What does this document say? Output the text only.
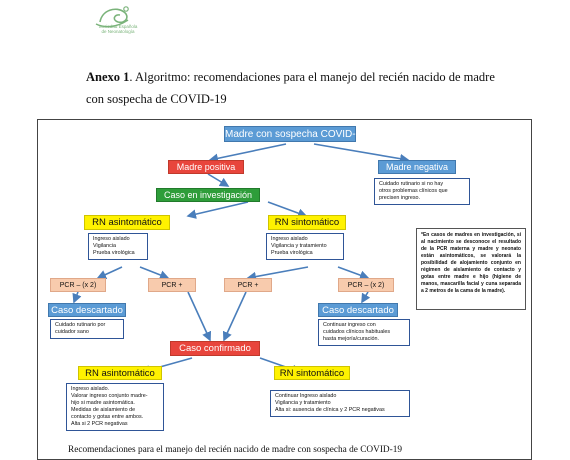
Sociedad Española
de Neonatología
Anexo 1. Algoritmo: recomendaciones para el manejo del recién nacido de madre
con sospecha de COVID-19
Madre con sospecha COVID-19*
Madre positiva	Madre negativa
Cuidado rutinario si no hay
otros problemas clínicos que
precisen ingreso.
Caso en investigación
RN asintomático
Ingreso aislado
Vigilancia
Prueba virológica
RN sintomático
Ingreso aislado
Vigilancia y tratamiento
Prueba virológica
PCR – (x 2)	PCR +	PCR +	PCR – (x 2)
Caso descartado
Cuidado rutinario por
cuidador sano
Caso descartado
Continuar ingreso con
cuidados clínicos habituales
hasta mejoría/curación.
*En casos de madres en investigación, si al nacimiento se desconoce el resultado de la PCR materna y madre y neonato están asintomáticos, se valorará la posibilidad de alojamiento conjunto en régimen de aislamiento de contacto y gotas entre madre e hijo (higiene de manos, mascarilla facial y cuna separada a 2 metros de la cama de la madre).
Caso confirmado
RN asintomático
Ingreso aislado.
Valorar ingreso conjunto madre-
hijo si madre asintomática.
Medidas de aislamiento de
contacto y gotas entre ambos.
Alta si 2 PCR negativas
RN sintomático
Continuar Ingreso aislado
Vigilancia y tratamiento
Alta si: ausencia de clínica y 2 PCR negativas
Recomendaciones para el manejo del recién nacido de madre con sospecha de COVID-19
